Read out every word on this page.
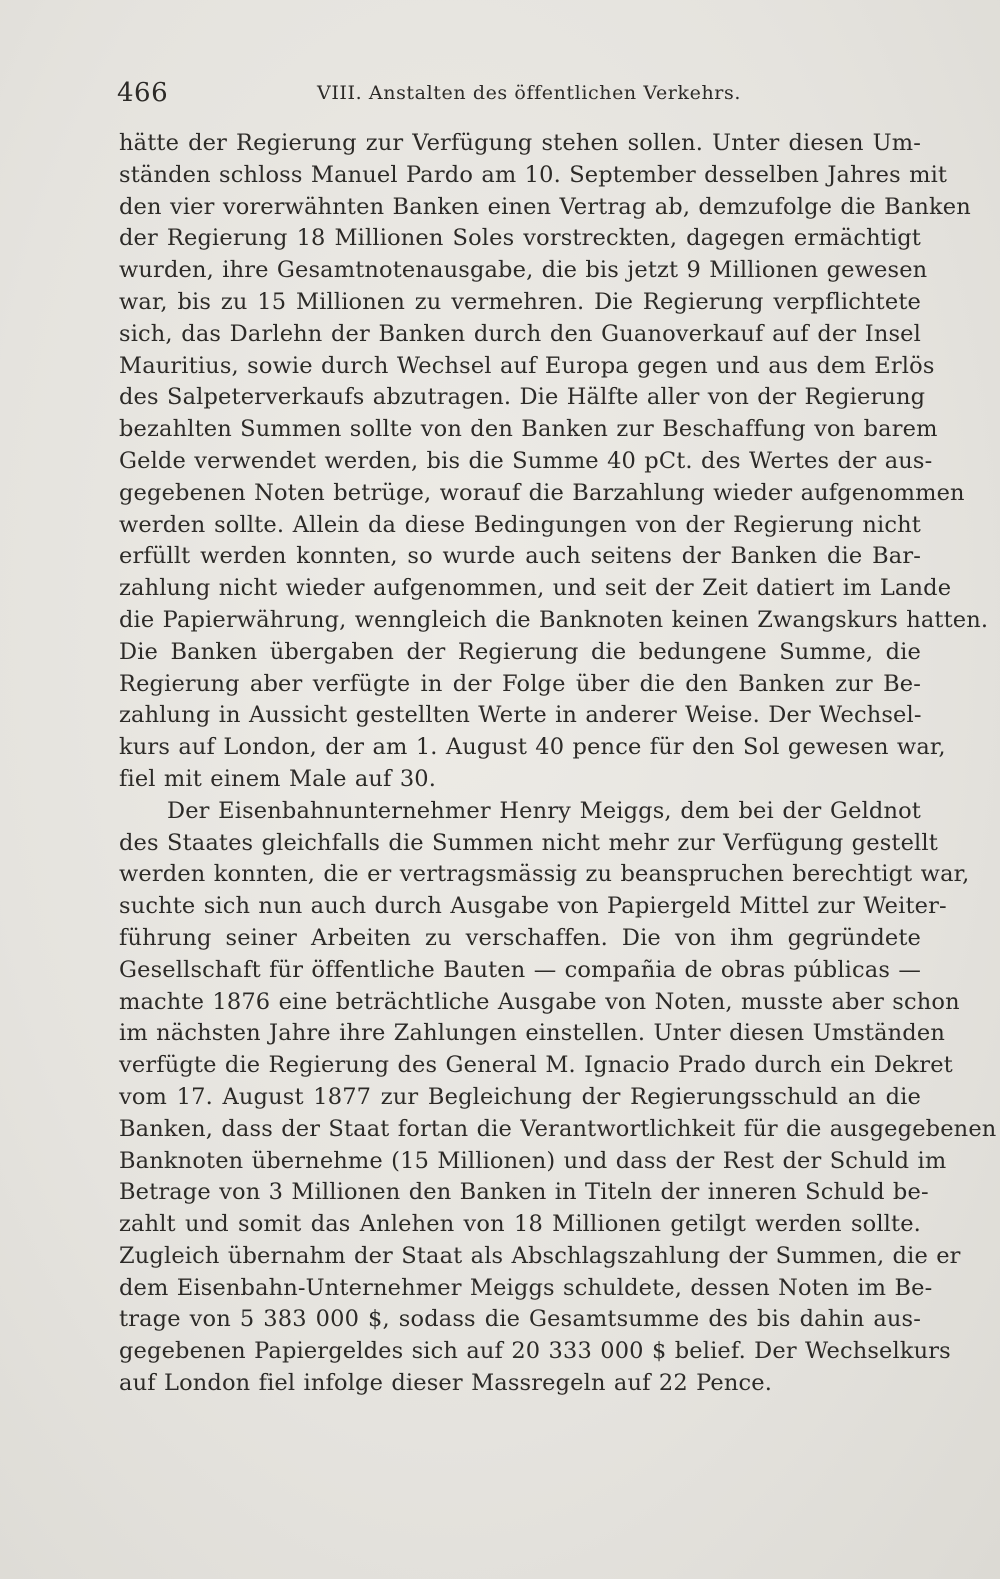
466	VIII. Anstalten des öffentlichen Verkehrs.
hätte der Regierung zur Verfügung stehen sollen. Unter diesen Um-
ständen schloss Manuel Pardo am 10. September desselben Jahres mit
den vier vorerwähnten Banken einen Vertrag ab, demzufolge die Banken
der Regierung 18 Millionen Soles vorstreckten, dagegen ermächtigt
wurden, ihre Gesamtnotenausgabe, die bis jetzt 9 Millionen gewesen
war, bis zu 15 Millionen zu vermehren. Die Regierung verpflichtete
sich, das Darlehn der Banken durch den Guanoverkauf auf der Insel
Mauritius, sowie durch Wechsel auf Europa gegen und aus dem Erlös
des Salpeterverkaufs abzutragen. Die Hälfte aller von der Regierung
bezahlten Summen sollte von den Banken zur Beschaffung von barem
Gelde verwendet werden, bis die Summe 40 pCt. des Wertes der aus-
gegebenen Noten betrüge, worauf die Barzahlung wieder aufgenommen
werden sollte. Allein da diese Bedingungen von der Regierung nicht
erfüllt werden konnten, so wurde auch seitens der Banken die Bar-
zahlung nicht wieder aufgenommen, und seit der Zeit datiert im Lande
die Papierwährung, wenngleich die Banknoten keinen Zwangskurs hatten.
Die Banken übergaben der Regierung die bedungene Summe, die
Regierung aber verfügte in der Folge über die den Banken zur Be-
zahlung in Aussicht gestellten Werte in anderer Weise. Der Wechsel-
kurs auf London, der am 1. August 40 pence für den Sol gewesen war,
fiel mit einem Male auf 30.
Der Eisenbahnunternehmer Henry Meiggs, dem bei der Geldnot
des Staates gleichfalls die Summen nicht mehr zur Verfügung gestellt
werden konnten, die er vertragsmässig zu beanspruchen berechtigt war,
suchte sich nun auch durch Ausgabe von Papiergeld Mittel zur Weiter-
führung seiner Arbeiten zu verschaffen. Die von ihm gegründete
Gesellschaft für öffentliche Bauten — compañia de obras públicas —
machte 1876 eine beträchtliche Ausgabe von Noten, musste aber schon
im nächsten Jahre ihre Zahlungen einstellen. Unter diesen Umständen
verfügte die Regierung des General M. Ignacio Prado durch ein Dekret
vom 17. August 1877 zur Begleichung der Regierungsschuld an die
Banken, dass der Staat fortan die Verantwortlichkeit für die ausgegebenen
Banknoten übernehme (15 Millionen) und dass der Rest der Schuld im
Betrage von 3 Millionen den Banken in Titeln der inneren Schuld be-
zahlt und somit das Anlehen von 18 Millionen getilgt werden sollte.
Zugleich übernahm der Staat als Abschlagszahlung der Summen, die er
dem Eisenbahn-Unternehmer Meiggs schuldete, dessen Noten im Be-
trage von 5 383 000 $, sodass die Gesamtsumme des bis dahin aus-
gegebenen Papiergeldes sich auf 20 333 000 $ belief. Der Wechselkurs
auf London fiel infolge dieser Massregeln auf 22 Pence.
